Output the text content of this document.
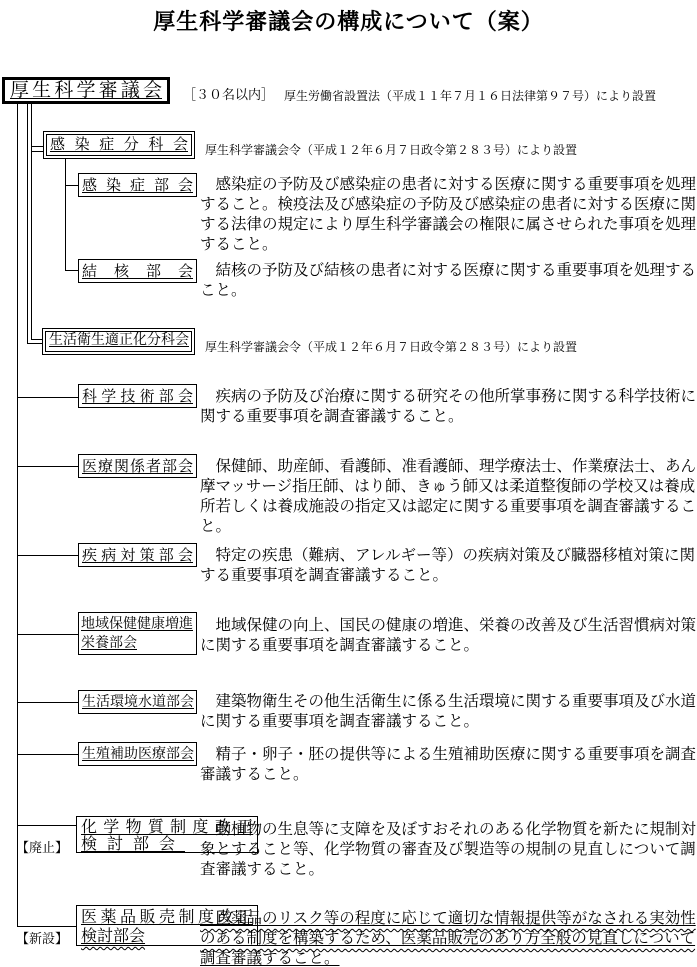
厚生科学審議会の構成について（案）
厚生科学審議会	［３０名以内］ 厚生労働省設置法（平成１１年７月１６日法律第９７号）により設置
感染症分科会	厚生科学審議会令（平成１２年６月７日政令第２８３号）により設置
感染症部会 　感染症の予防及び感染症の患者に対する医療に関する重要事項を処理すること。検疫法及び感染症の予防及び感染症の患者に対する医療に関する法律の規定により厚生科学審議会の権限に属させられた事項を処理すること。
結核部会 　結核の予防及び結核の患者に対する医療に関する重要事項を処理すること。
生活衛生適正化分科会 厚生科学審議会令（平成１２年６月７日政令第２８３号）により設置
科学技術部会 　疾病の予防及び治療に関する研究その他所掌事務に関する科学技術に関する重要事項を調査審議すること。
医療関係者部会 　保健師、助産師、看護師、准看護師、理学療法士、作業療法士、あん摩マッサージ指圧師、はり師、きゅう師又は柔道整復師の学校又は養成所若しくは養成施設の指定又は認定に関する重要事項を調査審議すること。
疾病対策部会 　特定の疾患（難病、アレルギー等）の疾病対策及び臓器移植対策に関する重要事項を調査審議すること。
地域保健健康増進
栄養部会
　地域保健の向上、国民の健康の増進、栄養の改善及び生活習慣病対策に関する重要事項を調査審議すること。
生活環境水道部会 　建築物衛生その他生活衛生に係る生活環境に関する重要事項及び水道に関する重要事項を調査審議すること。
生殖補助医療部会 　精子・卵子・胚の提供等による生殖補助医療に関する重要事項を調査審議すること。
化学物質制度改正
検討部会
【廃止】
　動植物の生息等に支障を及ぼすおそれのある化学物質を新たに規制対象とすること等、化学物質の審査及び製造等の規制の見直しについて調査審議すること。
医薬品販売制度改正
検討部会
【新設】
　医薬品のリスク等の程度に応じて適切な情報提供等がなされる実効性のある制度を構築するため、医薬品販売のあり方全般の見直しについて調査審議すること。
